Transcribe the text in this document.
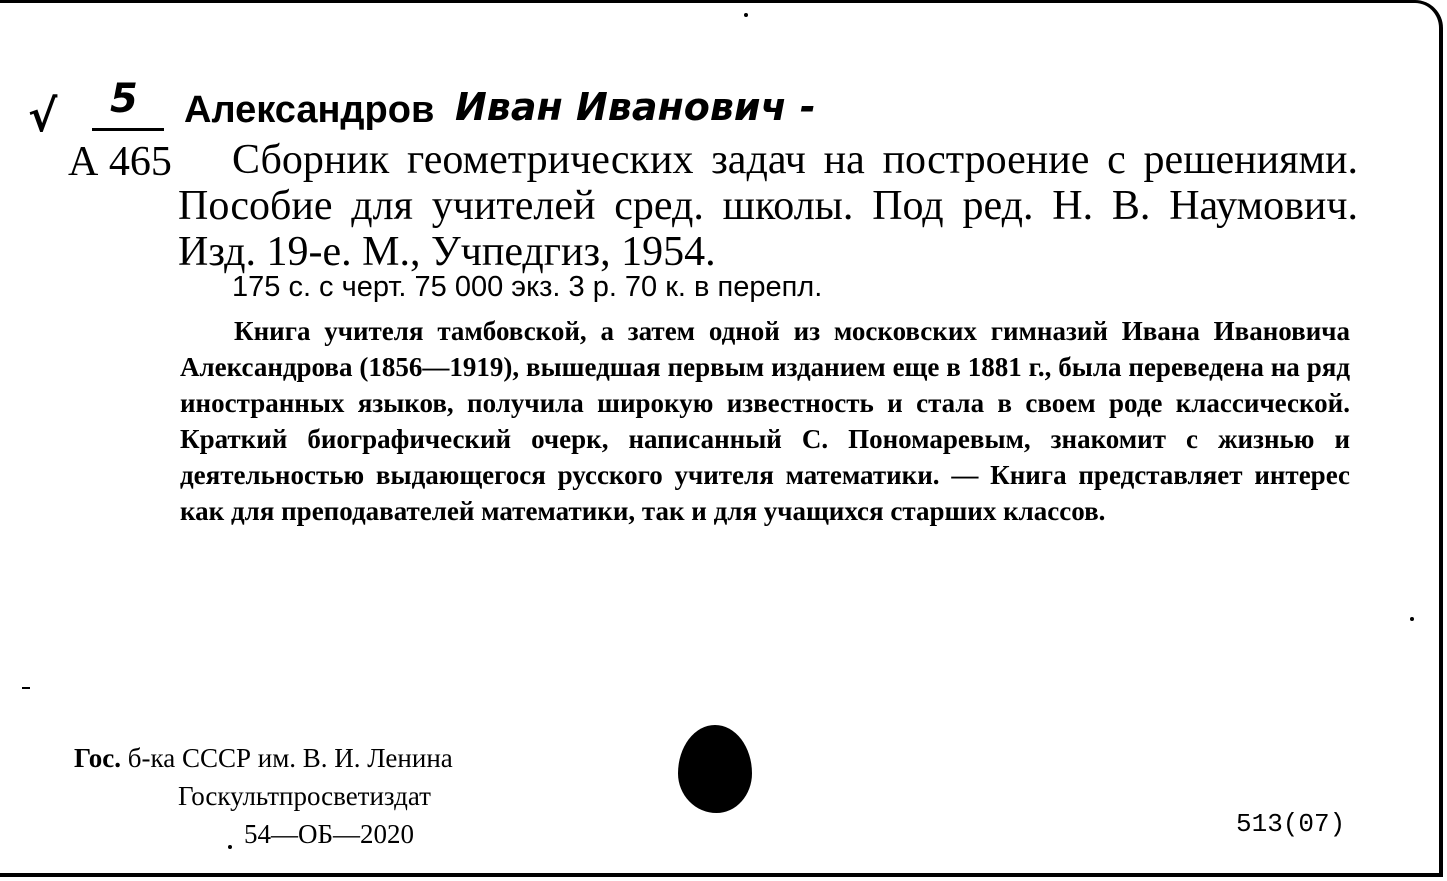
√ 5 Александров Иван Иванович -
А 465	Сборник геометрических задач на построение с решениями. Пособие для учителей сред. школы. Под ред. Н. В. Наумович. Изд. 19-е. М., Учпедгиз, 1954.
175 с. с черт. 75 000 экз. 3 р. 70 к. в перепл.
Книга учителя тамбовской, а затем одной из московских гимназий Ивана Ивановича Александрова (1856—1919), вышедшая первым изданием еще в 1881 г., была переведена на ряд иностранных языков, получила широкую известность и стала в своем роде классической. Краткий биографический очерк, написанный С. Пономаревым, знакомит с жизнью и деятельностью выдающегося русского учителя математики. — Книга представляет интерес как для преподавателей математики, так и для учащихся старших классов.
Гос. б-ка СССР им. В. И. Ленина
Госкультпросветиздат
54—ОБ—2020	513(07)
